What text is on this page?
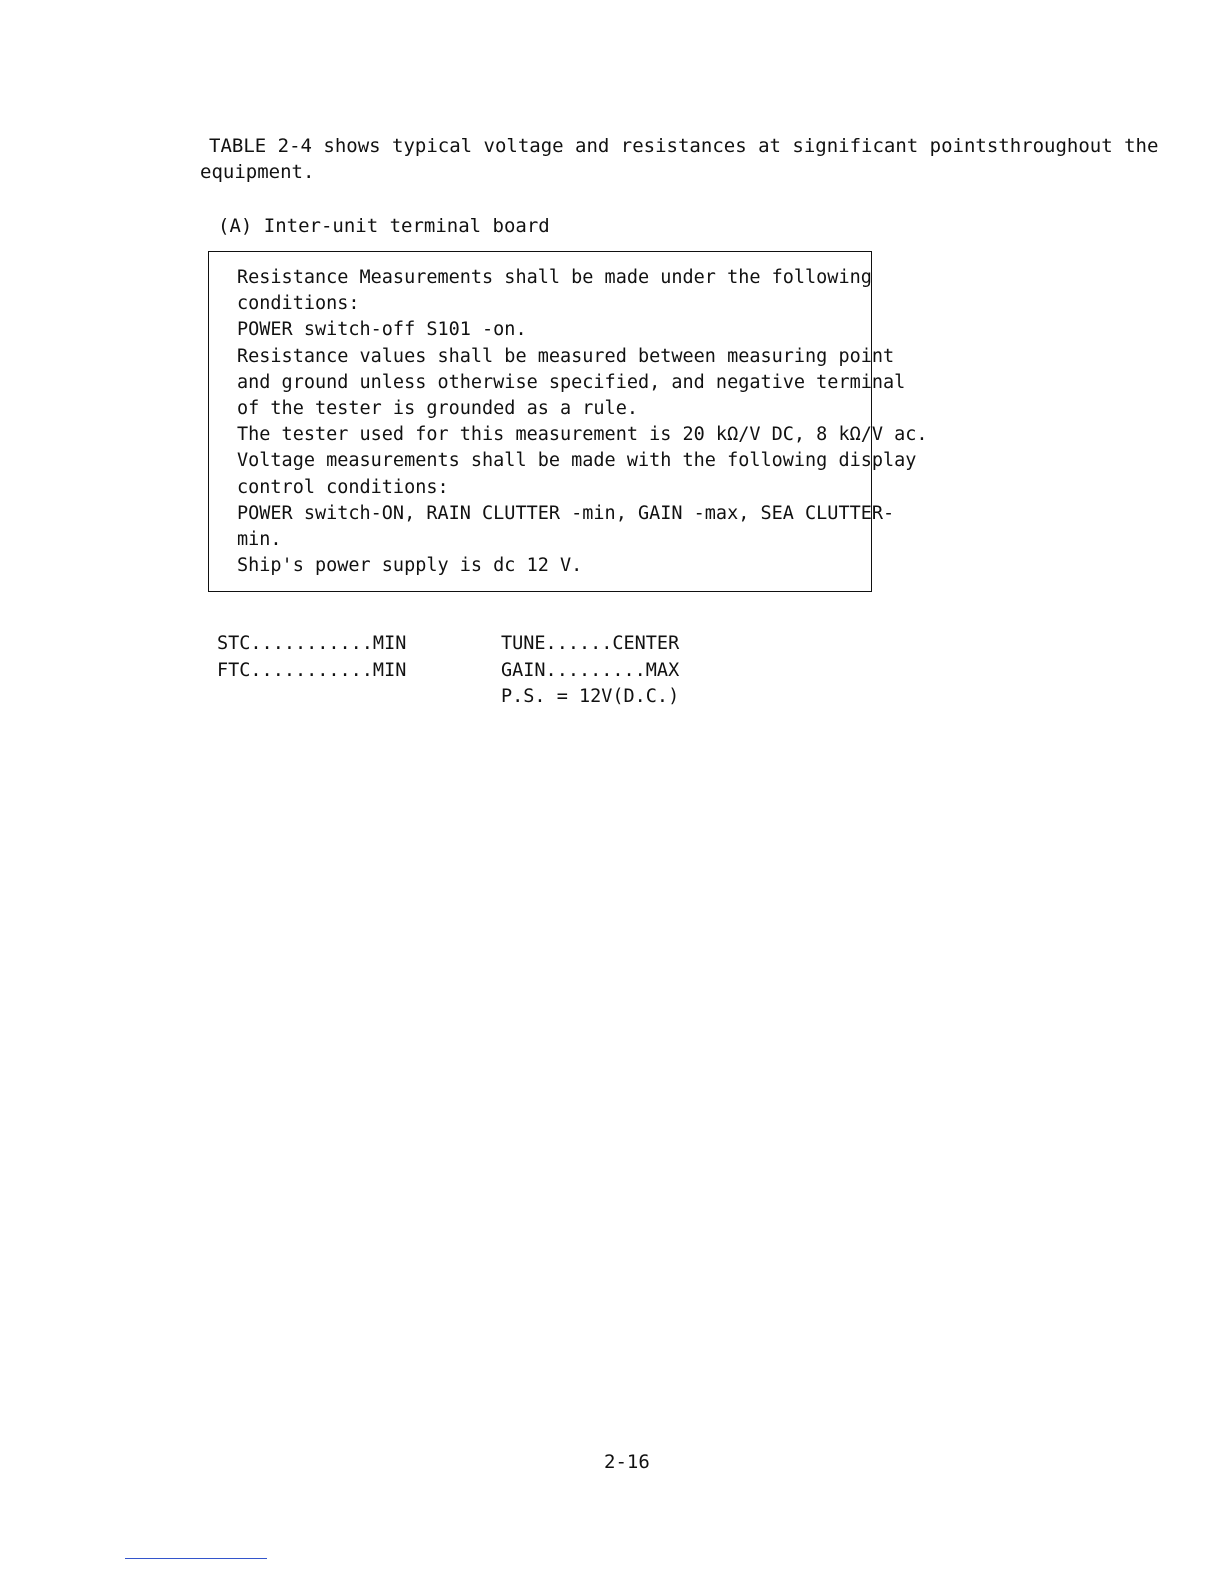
TABLE 2-4 shows typical voltage and resistances at significant pointsthroughout the
equipment.
(A) Inter-unit terminal board
Resistance Measurements shall be made under the following
conditions:
POWER switch-off S101 -on.
Resistance values shall be measured between measuring point
and ground unless otherwise specified, and negative terminal
of the tester is grounded as a rule.
The tester used for this measurement is 20 kΩ/V DC, 8 kΩ/V ac.
Voltage measurements shall be made with the following display
control conditions:
POWER switch-ON, RAIN CLUTTER -min, GAIN -max, SEA CLUTTER-
min.
Ship's power supply is dc 12 V.
STC...........MIN
FTC...........MIN
TUNE......CENTER
GAIN.........MAX
P.S. = 12V(D.C.)
2-16
